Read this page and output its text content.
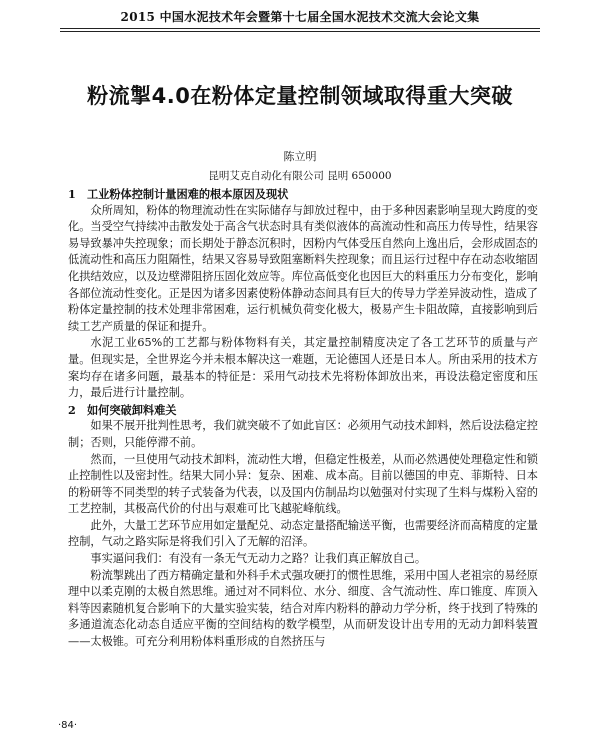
2015 中国水泥技术年会暨第十七届全国水泥技术交流大会论文集
粉流掣4.0在粉体定量控制领域取得重大突破
陈立明
昆明艾克自动化有限公司 昆明 650000
1　工业粉体控制计量困难的根本原因及现状

众所周知，粉体的物理流动性在实际储存与卸放过程中，由于多种因素影响呈现大跨度的变化。当受空气持续冲击散发处于高含气状态时具有类似液体的高流动性和高压力传导性，结果容易导致暴冲失控现象；而长期处于静态沉积时，因粉内气体受压自然向上逸出后，会形成固态的低流动性和高压力阻隔性，结果又容易导致阻塞断料失控现象；而且运行过程中存在动态收缩固化拱结效应，以及边壁滞阻挤压固化效应等。库位高低变化也因巨大的料重压力分布变化，影响各部位流动性变化。正是因为诸多因素使粉体静动态间具有巨大的传导力学差异波动性，造成了粉体定量控制的技术处理非常困难，运行机械负荷变化极大，极易产生卡阻故障，直接影响到后续工艺产质量的保证和提升。

水泥工业65%的工艺都与粉体物料有关，其定量控制精度决定了各工艺环节的质量与产量。但现实是，全世界迄今并未根本解决这一难题，无论德国人还是日本人。所由采用的技术方案均存在诸多问题，最基本的特征是：采用气动技术先将粉体卸放出来，再设法稳定密度和压力，最后进行计量控制。

2　如何突破卸料难关

如果不展开批判性思考，我们就突破不了如此盲区：必须用气动技术卸料，然后设法稳定控制；否则，只能停滞不前。

然而，一旦使用气动技术卸料，流动性大增，但稳定性极差，从而必然遇使处理稳定性和锁止控制性以及密封性。结果大同小异：复杂、困难、成本高。目前以德国的申克、菲斯特、日本的粉研等不同类型的转子式装备为代表，以及国内仿制品均以勉强对付实现了生料与煤粉入窑的工艺控制，其极高代价的付出与艰难可比飞越驼峰航线。

此外，大量工艺环节应用如定量配兑、动态定量搭配输送平衡，也需要经济而高精度的定量控制，气动之路实际是将我们引入了无解的沼泽。

事实逼问我们：有没有一条无气无动力之路？让我们真正解放自己。

粉流掣跳出了西方精确定量和外科手术式强攻硬打的惯性思维，采用中国人老祖宗的易经原理中以柔克刚的太极自然思维。通过对不同料位、水分、细度、含气流动性、库口锥度、库顶入料等因素随机复合影响下的大量实验实装，结合对库内粉料的静动力学分析，终于找到了特殊的多通道流态化动态自适应平衡的空间结构的数学模型，从而研发设计出专用的无动力卸料装置——太极锥。可充分利用粉体料重形成的自然挤压与

·84·
